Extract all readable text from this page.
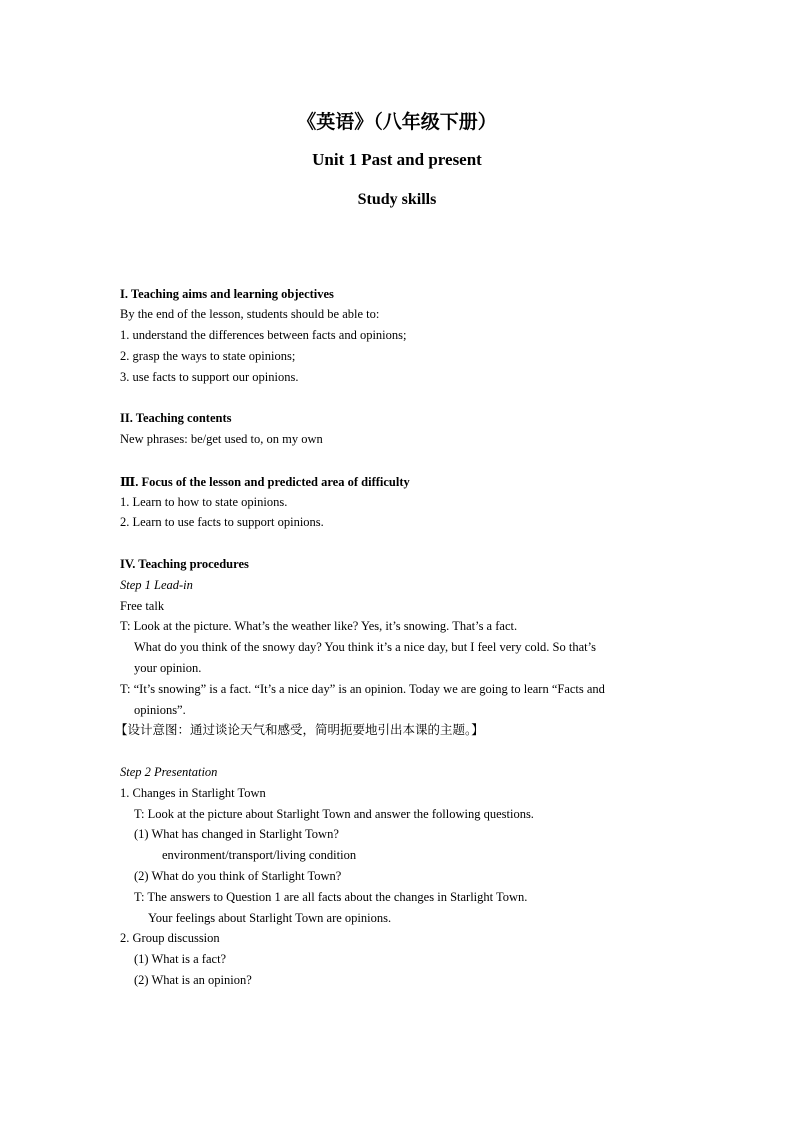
《英语》（八年级下册）
Unit 1 Past and present
Study skills
I. Teaching aims and learning objectives
By the end of the lesson, students should be able to:
1. understand the differences between facts and opinions;
2. grasp the ways to state opinions;
3. use facts to support our opinions.
II. Teaching contents
New phrases: be/get used to, on my own
Ⅲ. Focus of the lesson and predicted area of difficulty
1. Learn to how to state opinions.
2. Learn to use facts to support opinions.
IV. Teaching procedures
Step 1 Lead-in
Free talk
T: Look at the picture. What’s the weather like? Yes, it’s snowing. That’s a fact.
What do you think of the snowy day? You think it’s a nice day, but I feel very cold. So that’s
your opinion.
T: “It’s snowing” is a fact. “It’s a nice day” is an opinion. Today we are going to learn “Facts and
opinions”.
【设计意图：通过谈论天气和感受，简明扼要地引出本课的主题。】
Step 2 Presentation
1. Changes in Starlight Town
T: Look at the picture about Starlight Town and answer the following questions.
(1) What has changed in Starlight Town?
environment/transport/living condition
(2) What do you think of Starlight Town?
T: The answers to Question 1 are all facts about the changes in Starlight Town.
Your feelings about Starlight Town are opinions.
2. Group discussion
(1) What is a fact?
(2) What is an opinion?
